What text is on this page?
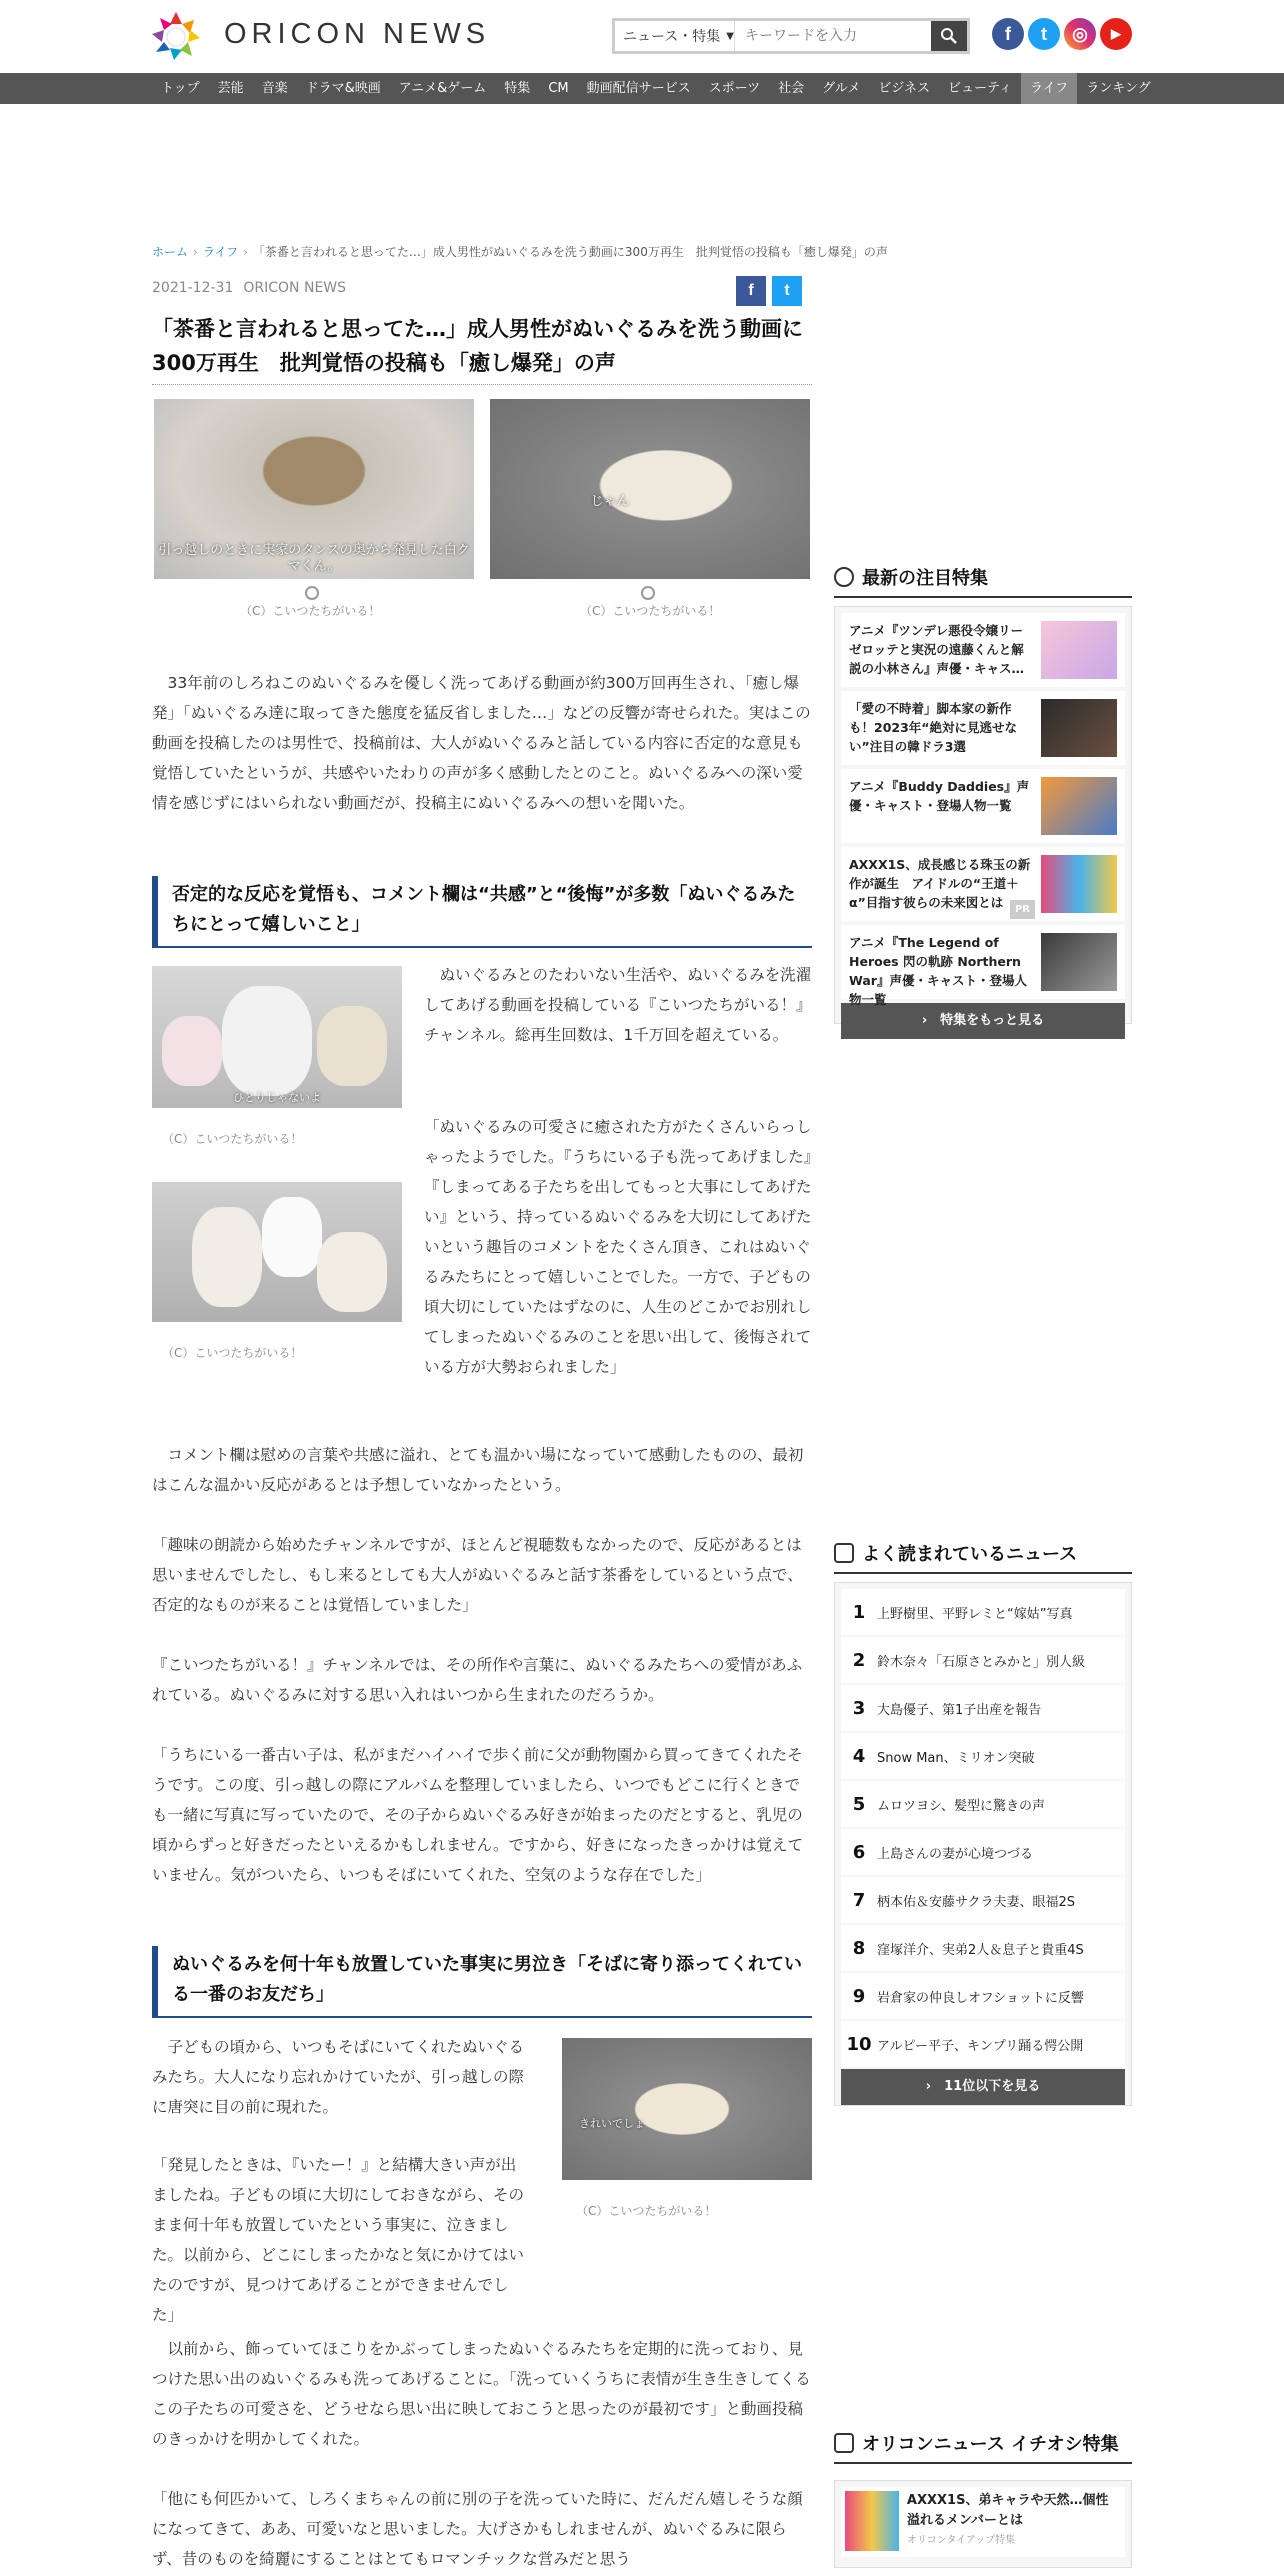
ORICON NEWS	ニュース・特集 ▼
キーワードを入力	f	t	◎	▶
トップ	芸能	音楽	ドラマ&映画	アニメ&ゲーム	特集	CM	動画配信サービス	スポーツ	社会	グルメ	ビジネス	ビューティ	ライフ	ランキング
ホーム › ライフ › 「茶番と言われると思ってた…」成人男性がぬいぐるみを洗う動画に300万再生　批判覚悟の投稿も「癒し爆発」の声
2021-12-31 ORICON NEWS	f t
「茶番と言われると思ってた…」成人男性がぬいぐるみを洗う動画に300万再生　批判覚悟の投稿も「癒し爆発」の声
引っ越しのときに実家のタンスの奥から発見した白クマくん。
（C）こいつたちがいる！
じゃん
（C）こいつたちがいる！
　33年前のしろねこのぬいぐるみを優しく洗ってあげる動画が約300万回再生され、「癒し爆発」「ぬいぐるみ達に取ってきた態度を猛反省しました…」などの反響が寄せられた。実はこの動画を投稿したのは男性で、投稿前は、大人がぬいぐるみと話している内容に否定的な意見も覚悟していたというが、共感やいたわりの声が多く感動したとのこと。ぬいぐるみへの深い愛情を感じずにはいられない動画だが、投稿主にぬいぐるみへの想いを聞いた。
否定的な反応を覚悟も、コメント欄は“共感”と“後悔”が多数「ぬいぐるみたちにとって嬉しいこと」
ひとりじゃないよ
（C）こいつたちがいる！
（C）こいつたちがいる！
　ぬいぐるみとのたわいない生活や、ぬいぐるみを洗濯してあげる動画を投稿している『こいつたちがいる！』チャンネル。総再生回数は、1千万回を超えている。
「ぬいぐるみの可愛さに癒された方がたくさんいらっしゃったようでした。『うちにいる子も洗ってあげました』『しまってある子たちを出してもっと大事にしてあげたい』という、持っているぬいぐるみを大切にしてあげたいという趣旨のコメントをたくさん頂き、これはぬいぐるみたちにとって嬉しいことでした。一方で、子どもの頃大切にしていたはずなのに、人生のどこかでお別れしてしまったぬいぐるみのことを思い出して、後悔されている方が大勢おられました」
　コメント欄は慰めの言葉や共感に溢れ、とても温かい場になっていて感動したものの、最初はこんな温かい反応があるとは予想していなかったという。
「趣味の朗読から始めたチャンネルですが、ほとんど視聴数もなかったので、反応があるとは思いませんでしたし、もし来るとしても大人がぬいぐるみと話す茶番をしているという点で、否定的なものが来ることは覚悟していました」
『こいつたちがいる！』チャンネルでは、その所作や言葉に、ぬいぐるみたちへの愛情があふれている。ぬいぐるみに対する思い入れはいつから生まれたのだろうか。
「うちにいる一番古い子は、私がまだハイハイで歩く前に父が動物園から買ってきてくれたそうです。この度、引っ越しの際にアルバムを整理していましたら、いつでもどこに行くときでも一緒に写真に写っていたので、その子からぬいぐるみ好きが始まったのだとすると、乳児の頃からずっと好きだったといえるかもしれません。ですから、好きになったきっかけは覚えていません。気がついたら、いつもそばにいてくれた、空気のような存在でした」
ぬいぐるみを何十年も放置していた事実に男泣き「そばに寄り添ってくれている一番のお友だち」
　子どもの頃から、いつもそばにいてくれたぬいぐるみたち。大人になり忘れかけていたが、引っ越しの際に唐突に目の前に現れた。
きれいでしょ
（C）こいつたちがいる！
「発見したときは、『いたー！』と結構大きい声が出ましたね。子どもの頃に大切にしておきながら、そのまま何十年も放置していたという事実に、泣きました。以前から、どこにしまったかなと気にかけてはいたのですが、見つけてあげることができませんでした」
　以前から、飾っていてほこりをかぶってしまったぬいぐるみたちを定期的に洗っており、見つけた思い出のぬいぐるみも洗ってあげることに。「洗っていくうちに表情が生き生きしてくるこの子たちの可愛さを、どうせなら思い出に映しておこうと思ったのが最初です」と動画投稿のきっかけを明かしてくれた。
「他にも何匹かいて、しろくまちゃんの前に別の子を洗っていた時に、だんだん嬉しそうな顔になってきて、ああ、可愛いなと思いました。大げさかもしれませんが、ぬいぐるみに限らず、昔のものを綺麗にすることはとてもロマンチックな営みだと思う
最新の注目特集
アニメ『ツンデレ悪役令嬢リーゼロッテと実況の遠藤くんと解説の小林さん』声優・キャス…
「愛の不時着」脚本家の新作も！2023年“絶対に見逃せない”注目の韓ドラ3選
アニメ『Buddy Daddies』声優・キャスト・登場人物一覧
AXXX1S、成長感じる珠玉の新作が誕生　アイドルの“王道＋α”目指す彼らの未来図とは	PR
アニメ『The Legend of Heroes 閃の軌跡 Northern War』声優・キャスト・登場人物一覧
›　特集をもっと見る
よく読まれているニュース
1 上野樹里、平野レミと“嫁姑”写真
2 鈴木奈々「石原さとみかと」別人級
3 大島優子、第1子出産を報告
4 Snow Man、ミリオン突破
5 ムロツヨシ、髪型に驚きの声
6 上島さんの妻が心境つづる
7 柄本佑＆安藤サクラ夫妻、眼福2S
8 窪塚洋介、実弟2人＆息子と貴重4S
9 岩倉家の仲良しオフショットに反響
10 アルピー平子、キンプリ踊る愕公開
›　11位以下を見る
オリコンニュース イチオシ特集
AXXX1S、弟キャラや天然…個性溢れるメンバーとは
オリコンタイアップ特集
